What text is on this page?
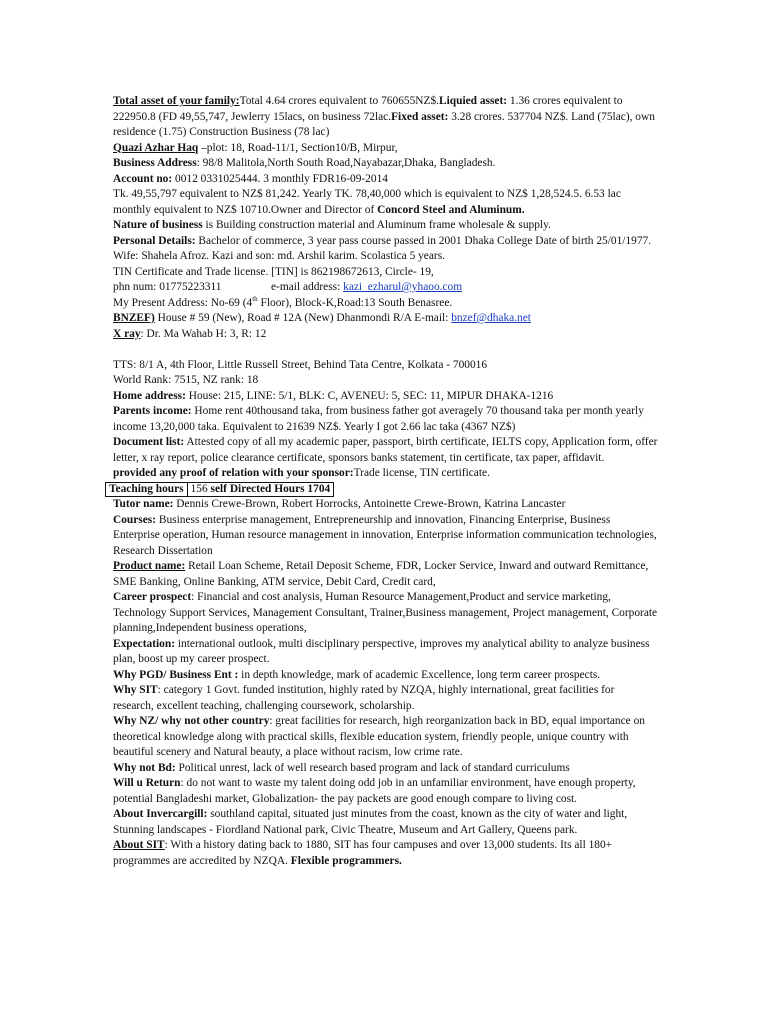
Total asset of your family:Total 4.64 crores equivalent to 760655NZ$.Liquied asset: 1.36 crores equivalent to 222950.8 (FD 49,55,747, Jewlerry 15lacs, on business 72lac.Fixed asset: 3.28 crores. 537704 NZ$. Land (75lac), own residence (1.75) Construction Business (78 lac)

Quazi Azhar Haq –plot: 18, Road-11/1, Section10/B, Mirpur,

Business Address: 98/8 Malitola,North South Road,Nayabazar,Dhaka, Bangladesh.

Account no: 0012 0331025444. 3 monthly FDR16-09-2014

Tk. 49,55,797 equivalent to NZ$ 81,242. Yearly TK. 78,40,000 which is equivalent to NZ$ 1,28,524.5. 6.53 lac monthly equivalent to NZ$ 10710.Owner and Director of Concord Steel and Aluminum.

Nature of business is Building construction material and Aluminum frame wholesale & supply.

Personal Details: Bachelor of commerce, 3 year pass course passed in 2001 Dhaka College Date of birth 25/01/1977. Wife: Shahela Afroz. Kazi and son: md. Arshil karim. Scolastica 5 years.

TIN Certificate and Trade license. [TIN] is 862198672613, Circle- 19,

phn num: 01775223311	e-mail address: kazi_ezharul@yhaoo.com

My Present Address: No-69 (4th Floor), Block-K,Road:13 South Benasree.

BNZEF) House # 59 (New), Road # 12A (New) Dhanmondi R/A E-mail: bnzef@dhaka.net

X ray: Dr. Ma Wahab H: 3, R: 12

TTS: 8/1 A, 4th Floor, Little Russell Street, Behind Tata Centre, Kolkata - 700016

World Rank: 7515, NZ rank: 18

Home address: House: 215, LINE: 5/1, BLK: C, AVENEU: 5, SEC: 11, MIPUR DHAKA-1216

Parents income: Home rent 40thousand taka, from business father got averagely 70 thousand taka per month yearly income 13,20,000 taka. Equivalent to 21639 NZ$. Yearly I got 2.66 lac taka (4367 NZ$)

Document list: Attested copy of all my academic paper, passport, birth certificate, IELTS copy, Application form, offer letter, x ray report, police clearance certificate, sponsors banks statement, tin certificate, tax paper, affidavit.

provided any proof of relation with your sponsor:Trade license, TIN certificate.

Teaching hours 156 self Directed Hours 1704

Tutor name: Dennis Crewe-Brown, Robert Horrocks, Antoinette Crewe-Brown, Katrina Lancaster

Courses: Business enterprise management, Entrepreneurship and innovation, Financing Enterprise, Business Enterprise operation, Human resource management in innovation, Enterprise information communication technologies, Research Dissertation

Product name: Retail Loan Scheme, Retail Deposit Scheme, FDR, Locker Service, Inward and outward Remittance, SME Banking, Online Banking, ATM service, Debit Card, Credit card,

Career prospect: Financial and cost analysis, Human Resource Management,Product and service marketing, Technology Support Services, Management Consultant, Trainer,Business management, Project management, Corporate planning,Independent business operations,

Expectation: international outlook, multi disciplinary perspective, improves my analytical ability to analyze business plan, boost up my career prospect.

Why PGD/ Business Ent : in depth knowledge, mark of academic Excellence, long term career prospects.

Why SIT: category 1 Govt. funded institution, highly rated by NZQA, highly international, great facilities for research, excellent teaching, challenging coursework, scholarship.

Why NZ/ why not other country: great facilities for research, high reorganization back in BD, equal importance on theoretical knowledge along with practical skills, flexible education system, friendly people, unique country with beautiful scenery and Natural beauty, a place without racism, low crime rate.

Why not Bd: Political unrest, lack of well research based program and lack of standard curriculums

Will u Return: do not want to waste my talent doing odd job in an unfamiliar environment, have enough property, potential Bangladeshi market, Globalization- the pay packets are good enough compare to living cost.

About Invercargill: southland capital, situated just minutes from the coast, known as the city of water and light, Stunning landscapes - Fiordland National park, Civic Theatre, Museum and Art Gallery, Queens park.

About SIT: With a history dating back to 1880, SIT has four campuses and over 13,000 students. Its all 180+ programmes are accredited by NZQA. Flexible programmers.
